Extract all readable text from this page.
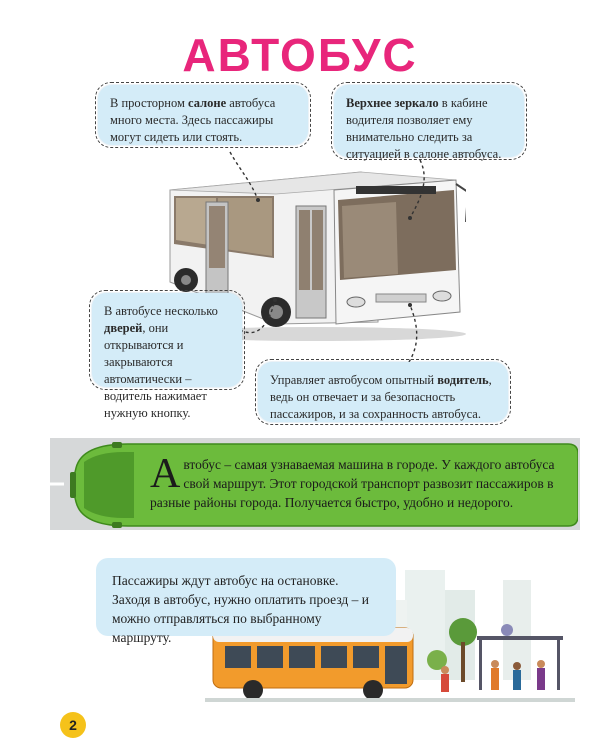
АВТОБУС
В просторном салоне автобуса много места. Здесь пассажиры могут сидеть или стоять.
Верхнее зеркало в кабине водителя позволяет ему внимательно следить за ситуацией в салоне автобуса.
В автобусе несколько дверей, они открываются и закрываются автоматически – водитель нажимает нужную кнопку.
Управляет автобусом опытный водитель, ведь он отвечает и за безопасность пассажиров, и за сохранность автобуса.
Автобус – самая узнаваемая машина в городе. У каждого автобуса свой маршрут. Этот городской транспорт развозит пассажиров в разные районы города. Получается быстро, удобно и недорого.
Пассажиры ждут автобус на остановке. Заходя в автобус, нужно оплатить проезд – и можно отправляться по выбранному маршруту.
2
